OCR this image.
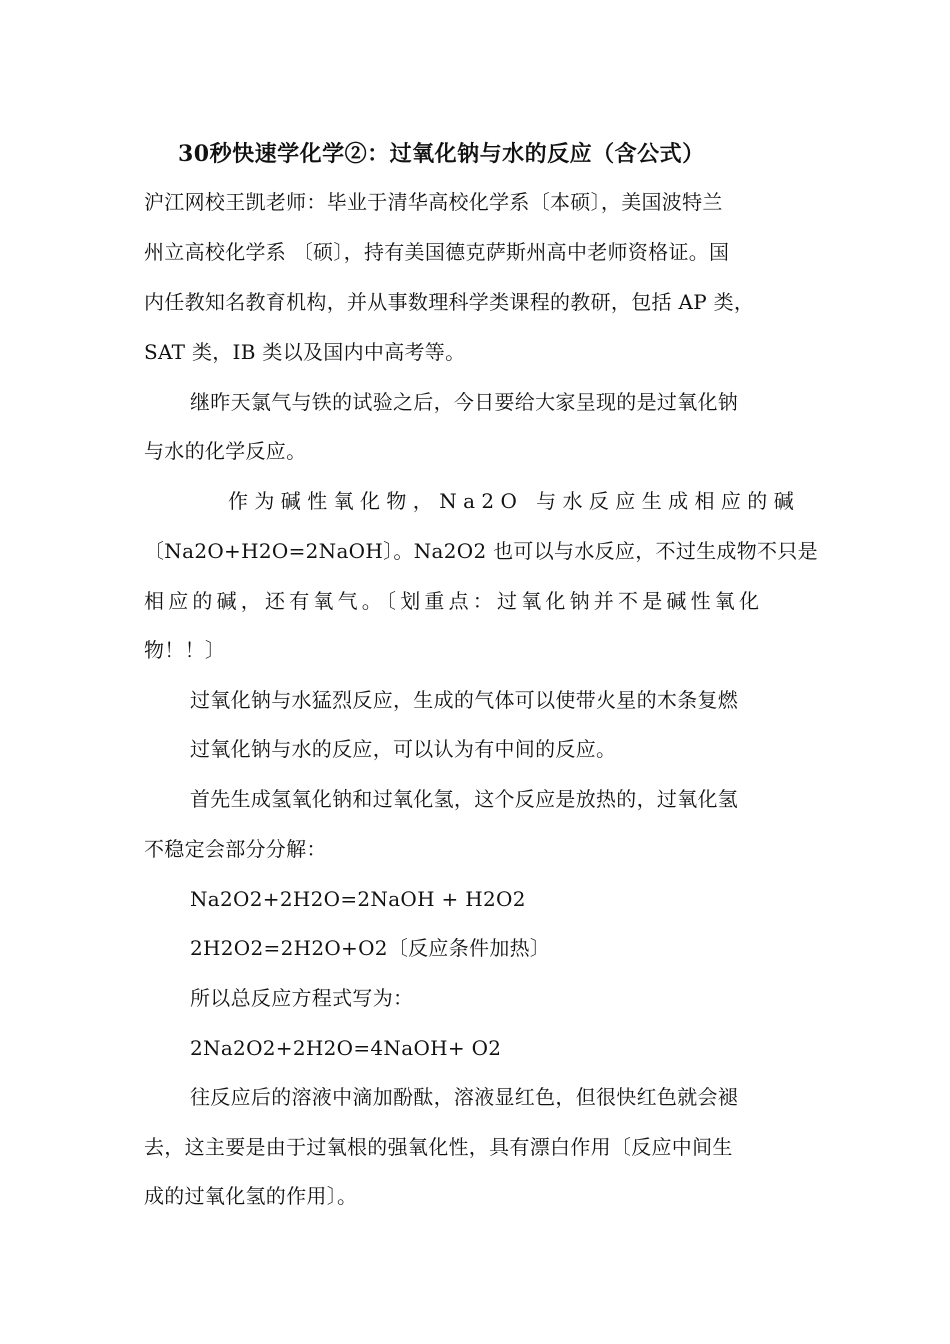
30秒快速学化学②：过氧化钠与水的反应（含公式）
沪江网校王凯老师：毕业于清华高校化学系〔本硕〕，美国波特兰
州立高校化学系 〔硕〕，持有美国德克萨斯州高中老师资格证。国
内任教知名教育机构，并从事数理科学类课程的教研，包括 AP 类，
SAT 类，IB 类以及国内中高考等。
继昨天氯气与铁的试验之后，今日要给大家呈现的是过氧化钠
与水的化学反应。
作为碱性氧化物，Na2O 与水反应生成相应的碱
〔Na2O+H2O=2NaOH〕。Na2O2 也可以与水反应，不过生成物不只是
相应的碱，还有氧气。〔划重点：过氧化钠并不是碱性氧化
物！！〕
过氧化钠与水猛烈反应，生成的气体可以使带火星的木条复燃
过氧化钠与水的反应，可以认为有中间的反应。
首先生成氢氧化钠和过氧化氢，这个反应是放热的，过氧化氢
不稳定会部分分解：
Na2O2+2H2O=2NaOH + H2O2
2H2O2=2H2O+O2〔反应条件加热〕
所以总反应方程式写为：
2Na2O2+2H2O=4NaOH+ O2
往反应后的溶液中滴加酚酞，溶液显红色，但很快红色就会褪
去，这主要是由于过氧根的强氧化性，具有漂白作用〔反应中间生
成的过氧化氢的作用〕。
